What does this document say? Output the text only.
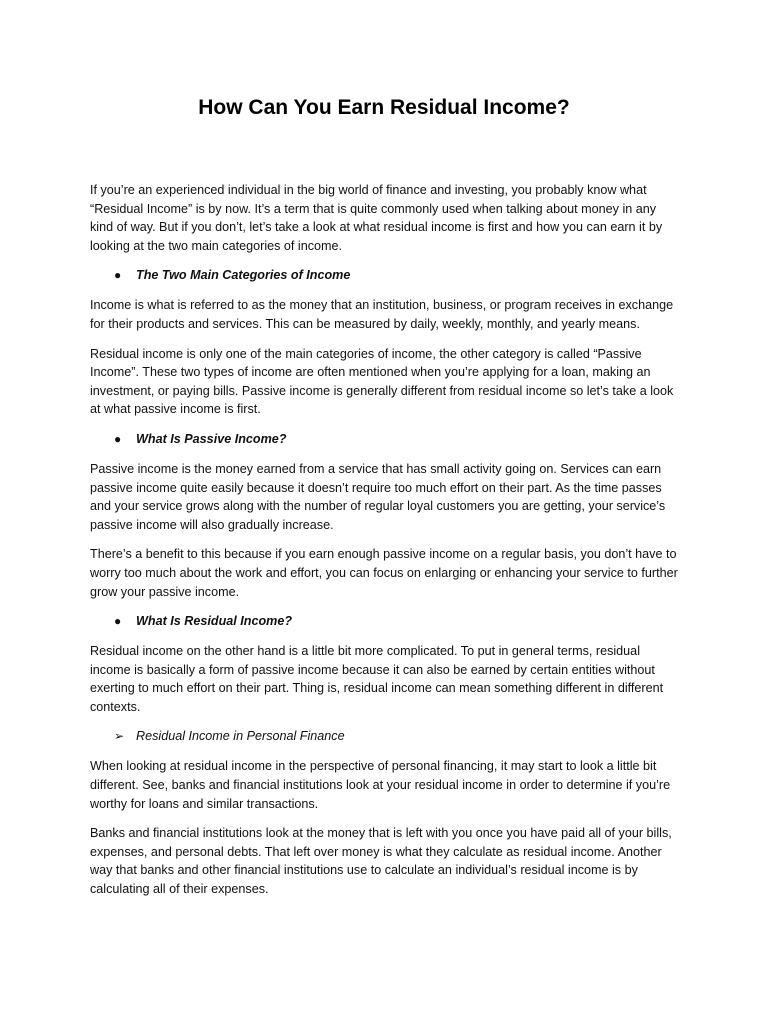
How Can You Earn Residual Income?
If you’re an experienced individual in the big world of finance and investing, you probably know what “Residual Income” is by now. It’s a term that is quite commonly used when talking about money in any kind of way. But if you don’t, let’s take a look at what residual income is first and how you can earn it by looking at the two main categories of income.
● The Two Main Categories of Income
Income is what is referred to as the money that an institution, business, or program receives in exchange for their products and services. This can be measured by daily, weekly, monthly, and yearly means.
Residual income is only one of the main categories of income, the other category is called “Passive Income”. These two types of income are often mentioned when you’re applying for a loan, making an investment, or paying bills. Passive income is generally different from residual income so let’s take a look at what passive income is first.
● What Is Passive Income?
Passive income is the money earned from a service that has small activity going on. Services can earn passive income quite easily because it doesn’t require too much effort on their part. As the time passes and your service grows along with the number of regular loyal customers you are getting, your service’s passive income will also gradually increase.
There’s a benefit to this because if you earn enough passive income on a regular basis, you don’t have to worry too much about the work and effort, you can focus on enlarging or enhancing your service to further grow your passive income.
● What Is Residual Income?
Residual income on the other hand is a little bit more complicated. To put in general terms, residual income is basically a form of passive income because it can also be earned by certain entities without exerting to much effort on their part. Thing is, residual income can mean something different in different contexts.
➢ Residual Income in Personal Finance
When looking at residual income in the perspective of personal financing, it may start to look a little bit different. See, banks and financial institutions look at your residual income in order to determine if you’re worthy for loans and similar transactions.
Banks and financial institutions look at the money that is left with you once you have paid all of your bills, expenses, and personal debts. That left over money is what they calculate as residual income. Another way that banks and other financial institutions use to calculate an individual’s residual income is by calculating all of their expenses.
